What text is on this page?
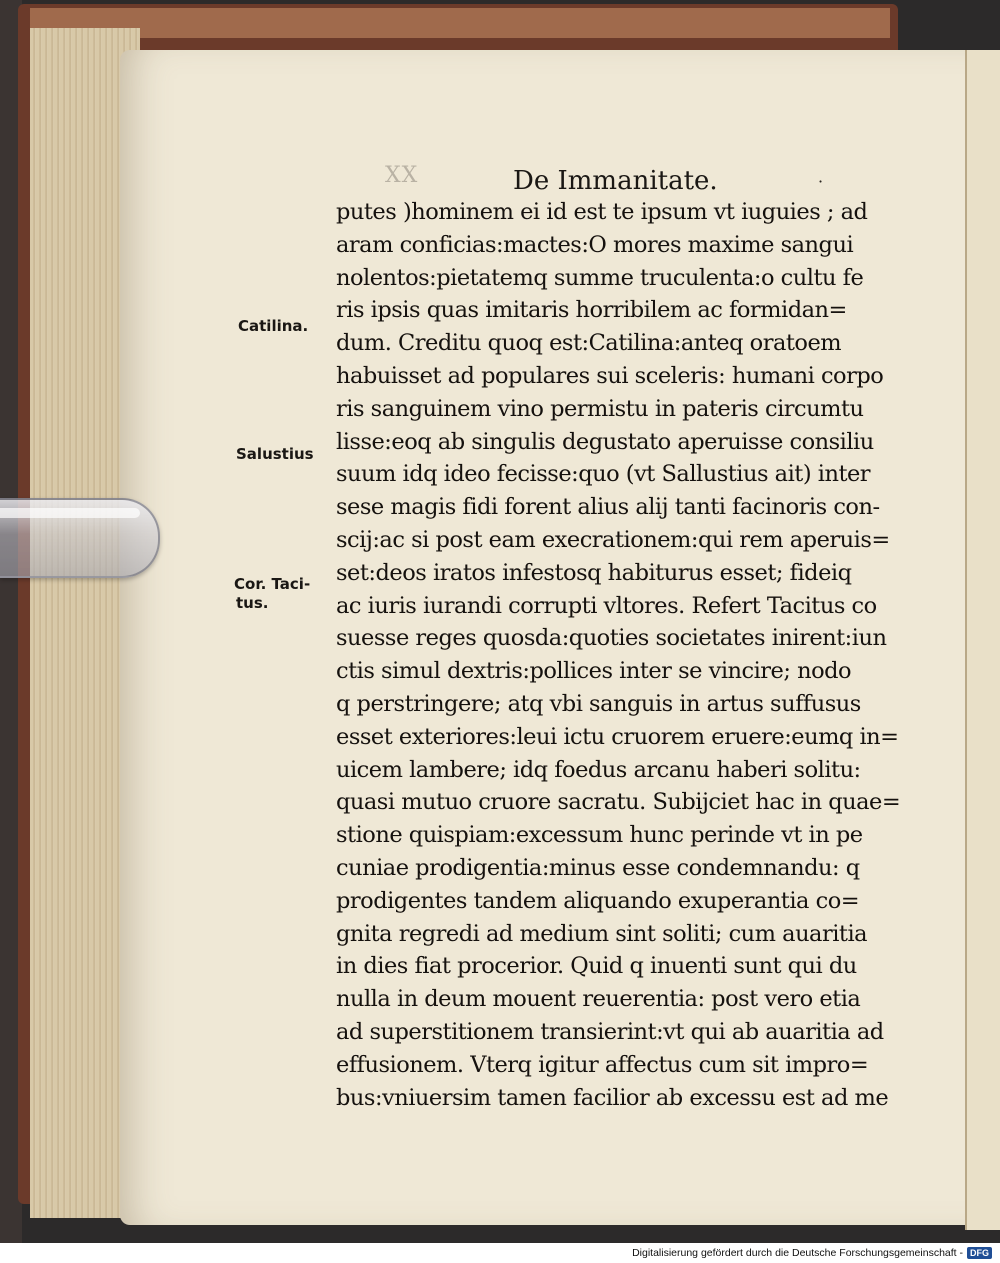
XX	De Immanitate.	·
Catilina.
Salustius
Cor. Taci-
tus.
putes )hominem ei id est te ipsum vt iuguies ; ad
aram conficias:mactes:O mores maxime sangui
nolentos:pietatemq summe truculenta:o cultu fe
ris ipsis quas imitaris horribilem ac formidan=
dum. Creditu quoq est:Catilina:anteq oratoem
habuisset ad populares sui sceleris: humani corpo
ris sanguinem vino permistu in pateris circumtu
lisse:eoq ab singulis degustato aperuisse consiliu
suum idq ideo fecisse:quo (vt Sallustius ait) inter
sese magis fidi forent alius alij tanti facinoris con-
scij:ac si post eam execrationem:qui rem aperuis=
set:deos iratos infestosq habiturus esset; fideiq
ac iuris iurandi corrupti vltores. Refert Tacitus co
suesse reges quosda:quoties societates inirent:iun
ctis simul dextris:pollices inter se vincire; nodo
q perstringere; atq vbi sanguis in artus suffusus
esset exteriores:leui ictu cruorem eruere:eumq in=
uicem lambere; idq foedus arcanu haberi solitu:
quasi mutuo cruore sacratu. Subijciet hac in quae=
stione quispiam:excessum hunc perinde vt in pe
cuniae prodigentia:minus esse condemnandu: q
prodigentes tandem aliquando exuperantia co=
gnita regredi ad medium sint soliti; cum auaritia
in dies fiat procerior. Quid q inuenti sunt qui du
nulla in deum mouent reuerentia: post vero etia
ad superstitionem transierint:vt qui ab auaritia ad
effusionem. Vterq igitur affectus cum sit impro=
bus:vniuersim tamen facilior ab excessu est ad me
Digitalisierung gefördert durch die Deutsche Forschungsgemeinschaft - DFG
